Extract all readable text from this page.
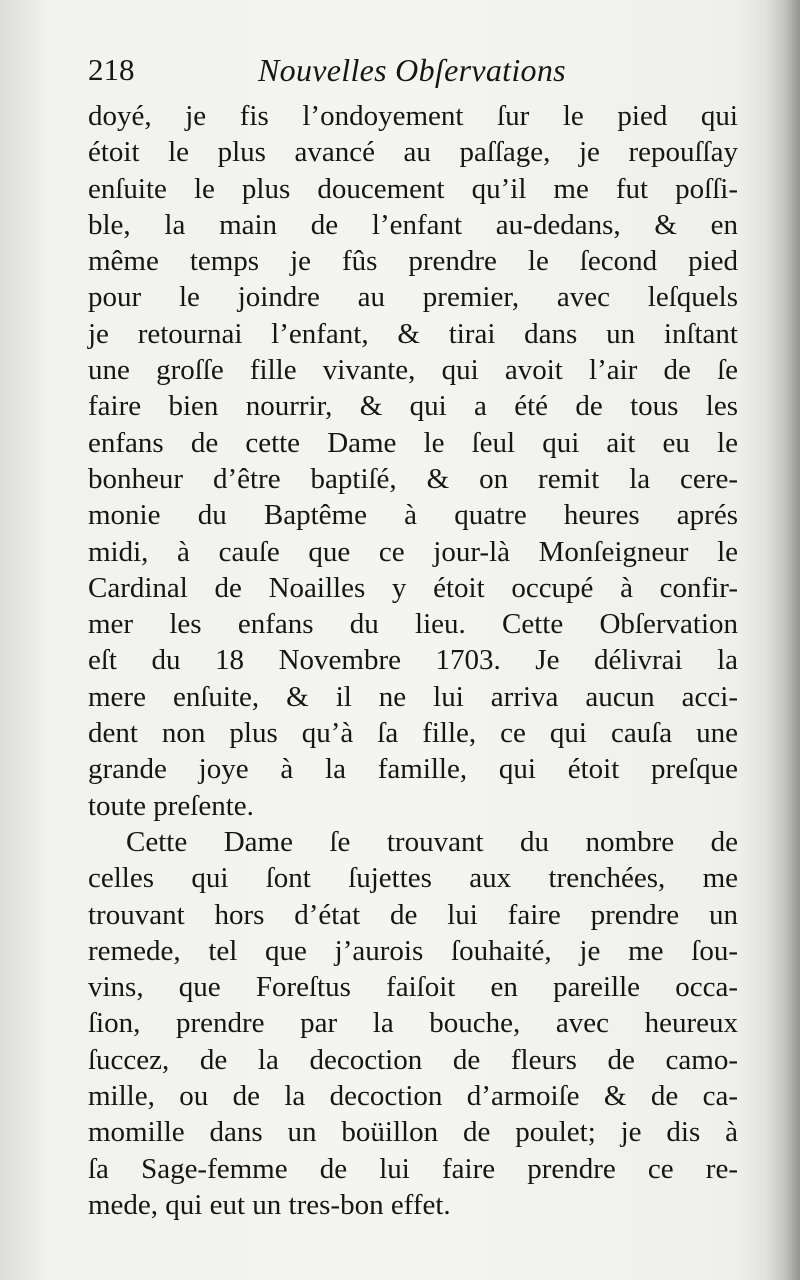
218	Nouvelles Obſervations
doyé, je fis l’ondoyement ſur le pied qui
étoit le plus avancé au paſſage, je repouſſay
enſuite le plus doucement qu’il me fut poſſi-
ble, la main de l’enfant au-dedans, & en
même temps je fûs prendre le ſecond pied
pour le joindre au premier, avec leſquels
je retournai l’enfant, & tirai dans un inſtant
une groſſe fille vivante, qui avoit l’air de ſe
faire bien nourrir, & qui a été de tous les
enfans de cette Dame le ſeul qui ait eu le
bonheur d’être baptiſé, & on remit la cere-
monie du Baptême à quatre heures aprés
midi, à cauſe que ce jour-là Monſeigneur le
Cardinal de Noailles y étoit occupé à confir-
mer les enfans du lieu. Cette Obſervation
eſt du 18 Novembre 1703. Je délivrai la
mere enſuite, & il ne lui arriva aucun acci-
dent non plus qu’à ſa fille, ce qui cauſa une
grande joye à la famille, qui étoit preſque
toute preſente.
Cette Dame ſe trouvant du nombre de
celles qui ſont ſujettes aux trenchées, me
trouvant hors d’état de lui faire prendre un
remede, tel que j’aurois ſouhaité, je me ſou-
vins, que Foreſtus faiſoit en pareille occa-
ſion, prendre par la bouche, avec heureux
ſuccez, de la decoction de fleurs de camo-
mille, ou de la decoction d’armoiſe & de ca-
momille dans un boüillon de poulet; je dis à
ſa Sage-femme de lui faire prendre ce re-
mede, qui eut un tres-bon effet.
